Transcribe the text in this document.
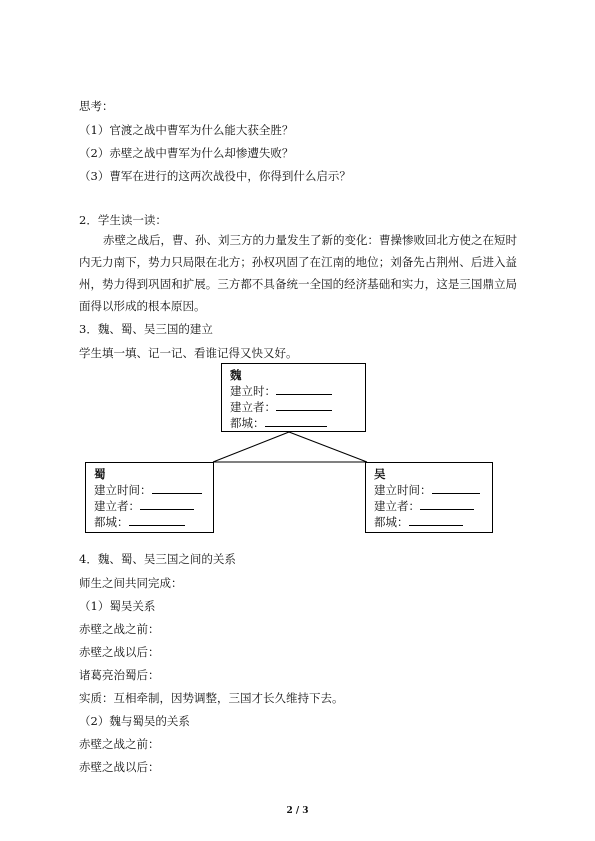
思考：
（1）官渡之战中曹军为什么能大获全胜？
（2）赤壁之战中曹军为什么却惨遭失败？
（3）曹军在进行的这两次战役中，你得到什么启示？
2．学生读一读：
赤壁之战后，曹、孙、刘三方的力量发生了新的变化：曹操惨败回北方使之在短时内无力南下，势力只局限在北方；孙权巩固了在江南的地位；刘备先占荆州、后进入益州，势力得到巩固和扩展。三方都不具备统一全国的经济基础和实力，这是三国鼎立局面得以形成的根本原因。
3．魏、蜀、吴三国的建立
学生填一填、记一记、看谁记得又快又好。
魏
建立时：
建立者：
都城：
蜀
建立时间：
建立者：
都城：
吴
建立时间：
建立者：
都城：
4．魏、蜀、吴三国之间的关系
师生之间共同完成：
（1）蜀吴关系
赤壁之战之前：
赤壁之战以后：
诸葛亮治蜀后：
实质：互相牵制，因势调整，三国才长久维持下去。
（2）魏与蜀吴的关系
赤壁之战之前：
赤壁之战以后：
2 / 3
